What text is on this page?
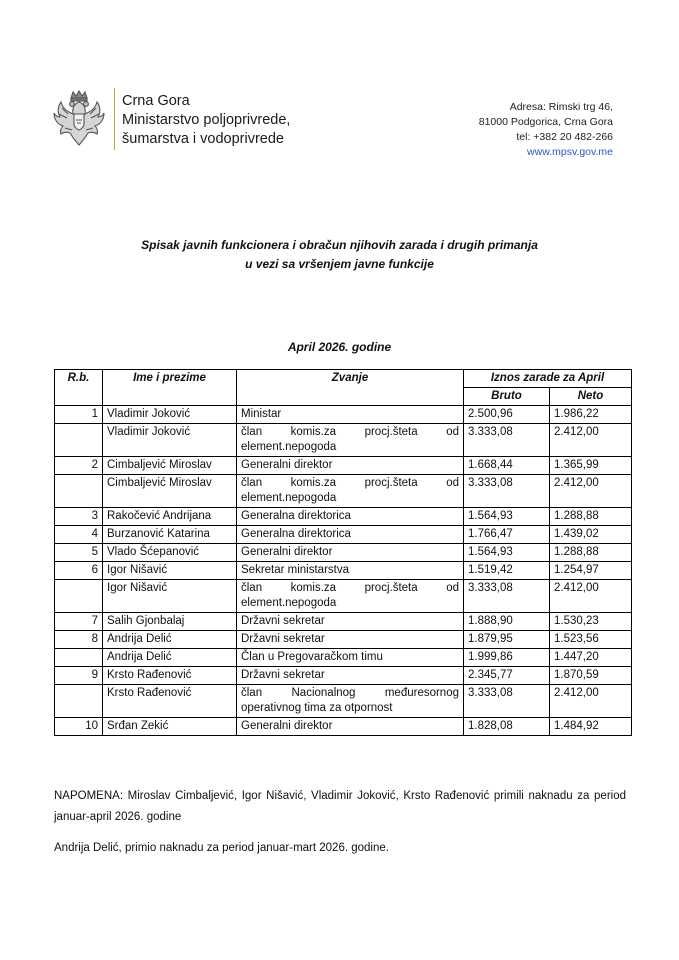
Crna Gora
Ministarstvo poljoprivrede,
šumarstva i vodoprivrede
Adresa: Rimski trg 46,
81000 Podgorica, Crna Gora
tel: +382 20 482-266
www.mpsv.gov.me
Spisak javnih funkcionera i obračun njihovih zarada i drugih primanja
u vezi sa vršenjem javne funkcije
April 2026. godine
R.b.	Ime i prezime	Zvanje	Iznos zarade za April	
			Bruto	Neto
1	Vladimir Joković	Ministar	2.500,96	1.986,22
	Vladimir Joković	član komis.za procj.šteta od element.nepogoda	3.333,08	2.412,00
2	Cimbaljević Miroslav	Generalni direktor	1.668,44	1.365,99
	Cimbaljević Miroslav	član komis.za procj.šteta od element.nepogoda	3.333,08	2.412,00
3	Rakočević Andrijana	Generalna direktorica	1.564,93	1.288,88
4	Burzanović Katarina	Generalna direktorica	1.766,47	1.439,02
5	Vlado Šćepanović	Generalni direktor	1.564,93	1.288,88
6	Igor Nišavić	Sekretar ministarstva	1.519,42	1.254,97
	Igor Nišavić	član komis.za procj.šteta od element.nepogoda	3.333,08	2.412,00
7	Salih Gjonbalaj	Državni sekretar	1.888,90	1.530,23
8	Andrija Delić	Državni sekretar	1.879,95	1.523,56
	Andrija Delić	Član u Pregovaračkom timu	1.999,86	1.447,20
9	Krsto Rađenović	Državni sekretar	2.345,77	1.870,59
	Krsto Rađenović	član Nacionalnog međuresornog operativnog tima za otpornost	3.333,08	2.412,00
10	Srđan Zekić	Generalni direktor	1.828,08	1.484,92

NAPOMENA: Miroslav Cimbaljević, Igor Nišavić, Vladimir Joković, Krsto Rađenović primili naknadu za period januar-april 2026. godine

Andrija Delić, primio naknadu za period januar-mart 2026. godine.
